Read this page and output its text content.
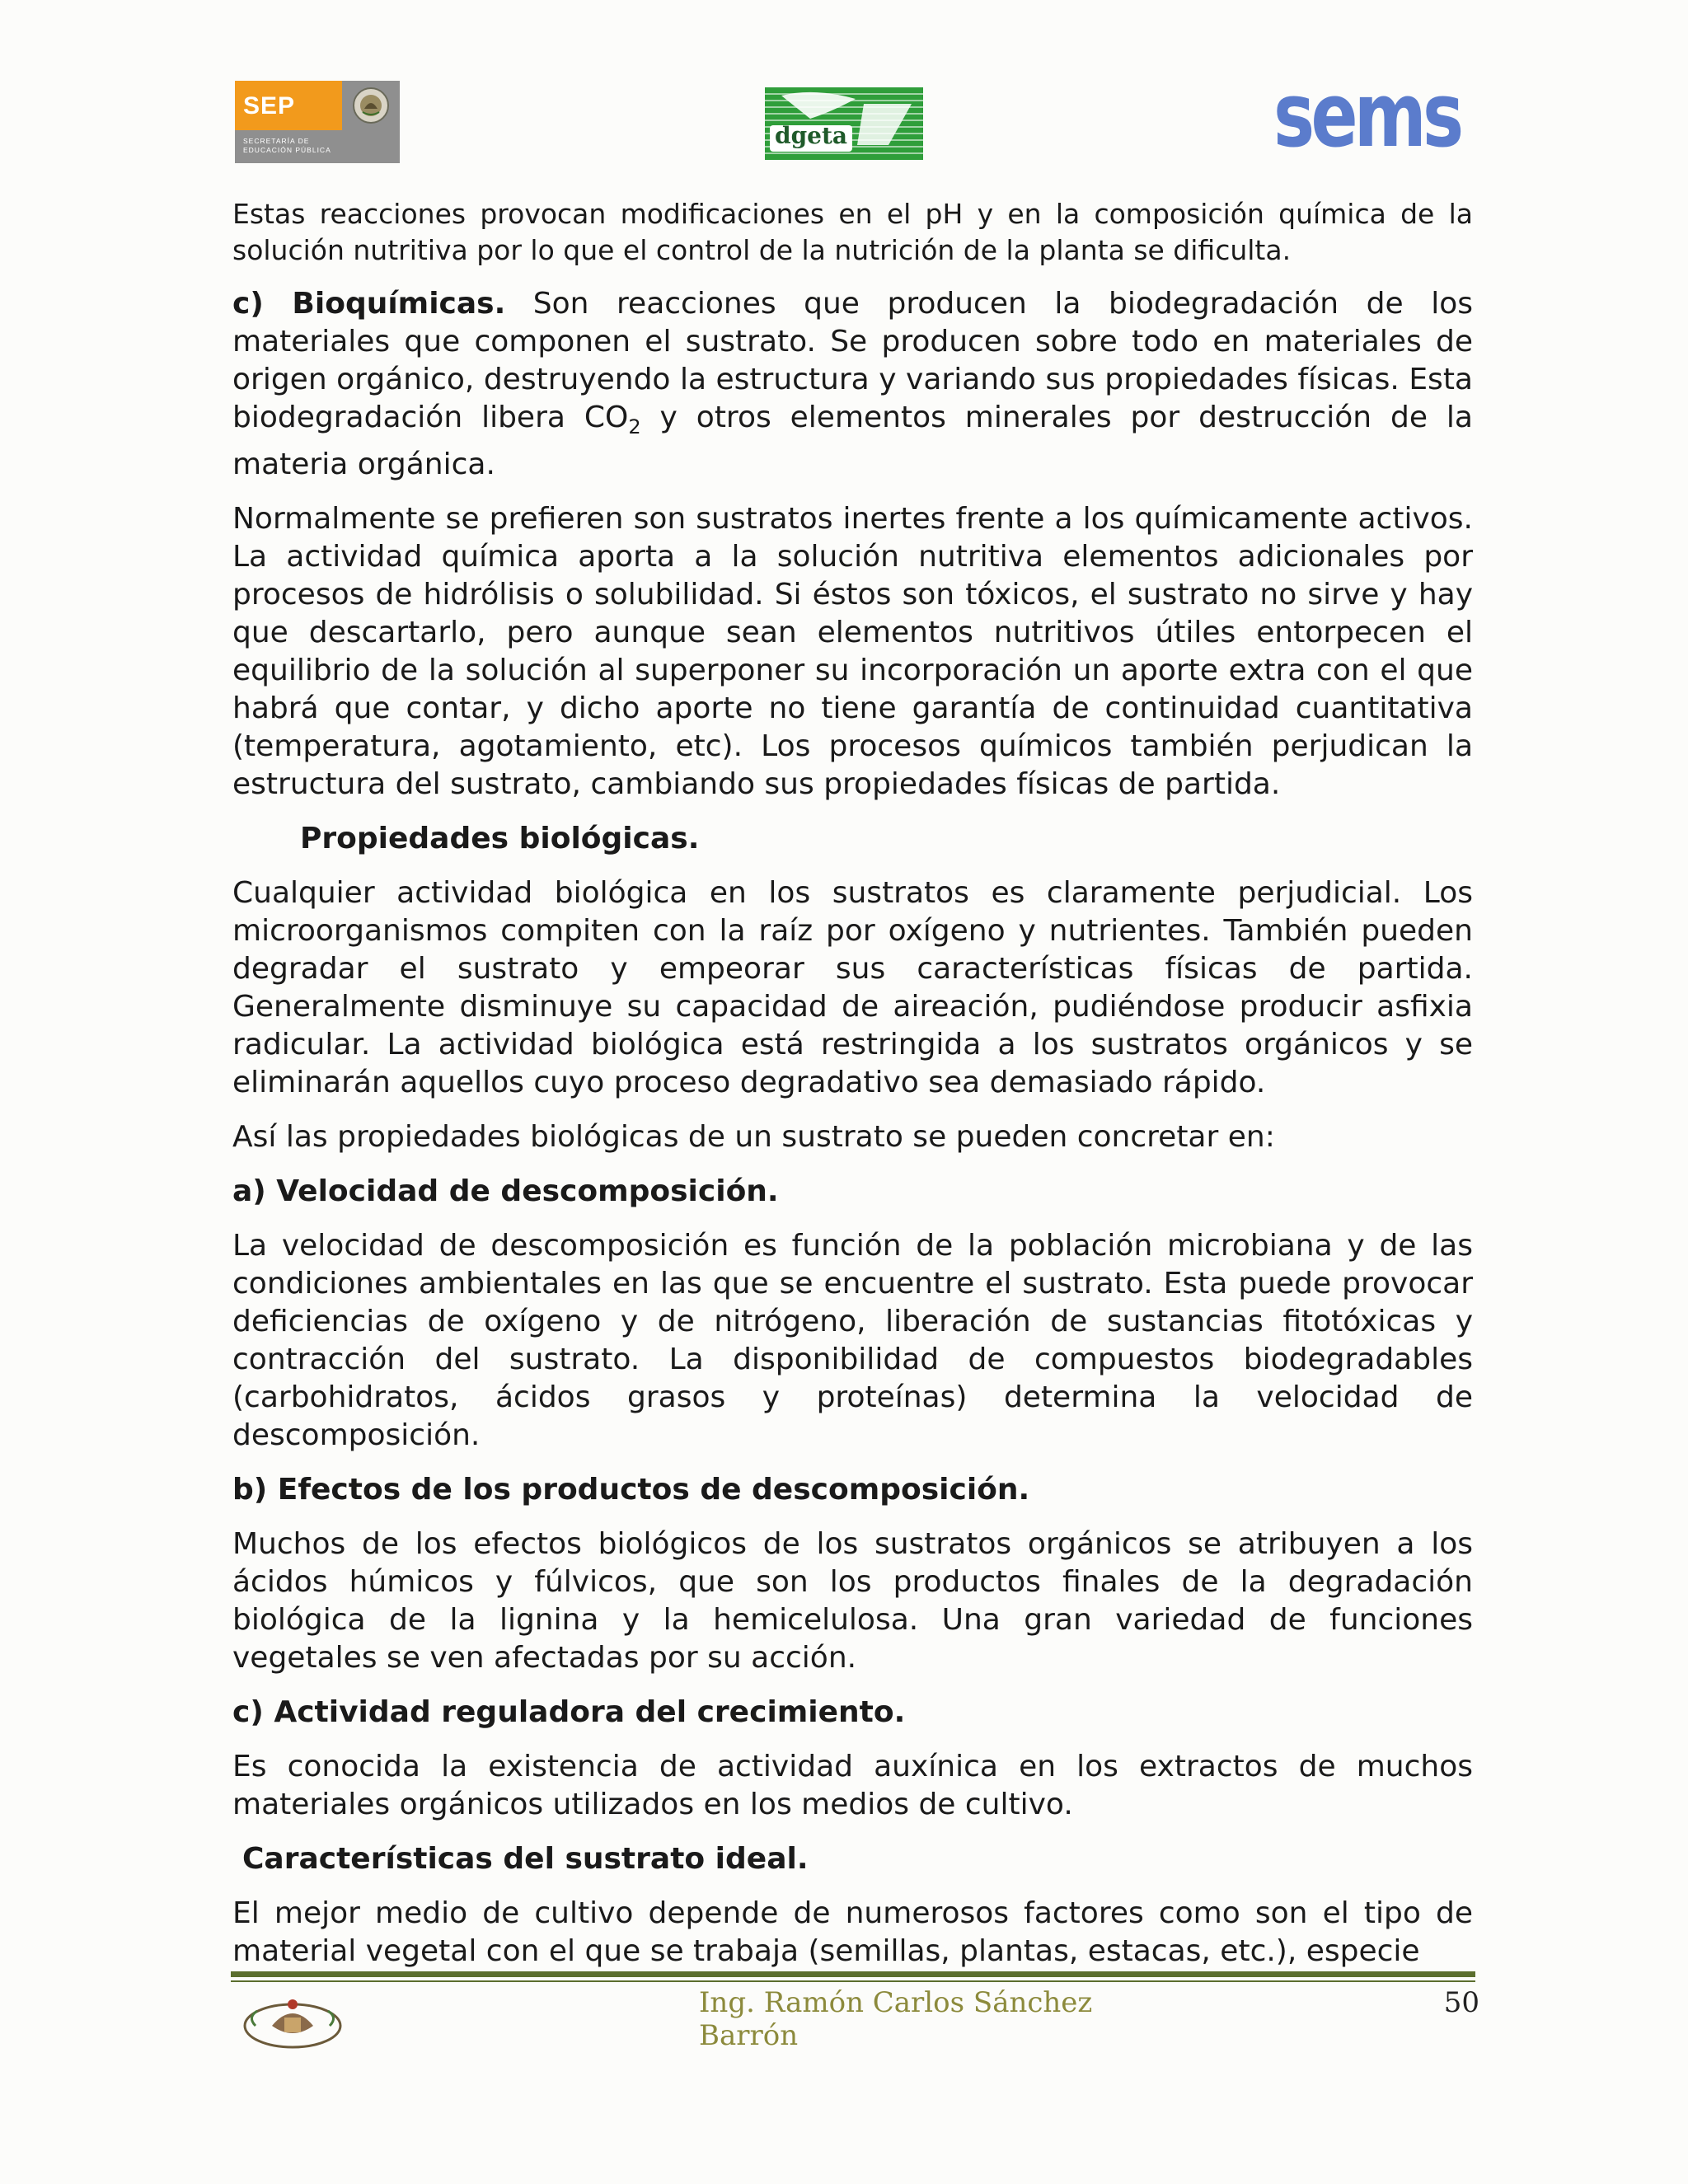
SEP
SECRETARÍA DE
EDUCACIÓN PÚBLICA
dgeta	sems

Estas reacciones provocan modificaciones en el pH y en la composición química de la solución nutritiva por lo que el control de la nutrición de la planta se dificulta.

c) Bioquímicas. Son reacciones que producen la biodegradación de los materiales que componen el sustrato. Se producen sobre todo en materiales de origen orgánico, destruyendo la estructura y variando sus propiedades físicas. Esta biodegradación libera $CO_2$ y otros elementos minerales por destrucción de la materia orgánica.

Normalmente se prefieren son sustratos inertes frente a los químicamente activos. La actividad química aporta a la solución nutritiva elementos adicionales por procesos de hidrólisis o solubilidad. Si éstos son tóxicos, el sustrato no sirve y hay que descartarlo, pero aunque sean elementos nutritivos útiles entorpecen el equilibrio de la solución al superponer su incorporación un aporte extra con el que habrá que contar, y dicho aporte no tiene garantía de continuidad cuantitativa (temperatura, agotamiento, etc). Los procesos químicos también perjudican la estructura del sustrato, cambiando sus propiedades físicas de partida.

Propiedades biológicas.

Cualquier actividad biológica en los sustratos es claramente perjudicial. Los microorganismos compiten con la raíz por oxígeno y nutrientes. También pueden degradar el sustrato y empeorar sus características físicas de partida. Generalmente disminuye su capacidad de aireación, pudiéndose producir asfixia radicular. La actividad biológica está restringida a los sustratos orgánicos y se eliminarán aquellos cuyo proceso degradativo sea demasiado rápido.

Así las propiedades biológicas de un sustrato se pueden concretar en:

a) Velocidad de descomposición.

La velocidad de descomposición es función de la población microbiana y de las condiciones ambientales en las que se encuentre el sustrato. Esta puede provocar deficiencias de oxígeno y de nitrógeno, liberación de sustancias fitotóxicas y contracción del sustrato. La disponibilidad de compuestos biodegradables (carbohidratos, ácidos grasos y proteínas) determina la velocidad de descomposición.

b) Efectos de los productos de descomposición.

Muchos de los efectos biológicos de los sustratos orgánicos se atribuyen a los ácidos húmicos y fúlvicos, que son los productos finales de la degradación biológica de la lignina y la hemicelulosa. Una gran variedad de funciones vegetales se ven afectadas por su acción.

c) Actividad reguladora del crecimiento.

Es conocida la existencia de actividad auxínica en los extractos de muchos materiales orgánicos utilizados en los medios de cultivo.

Características del sustrato ideal.

El mejor medio de cultivo depende de numerosos factores como son el tipo de material vegetal con el que se trabaja (semillas, plantas, estacas, etc.), especie

Ing. Ramón Carlos Sánchez Barrón
50
